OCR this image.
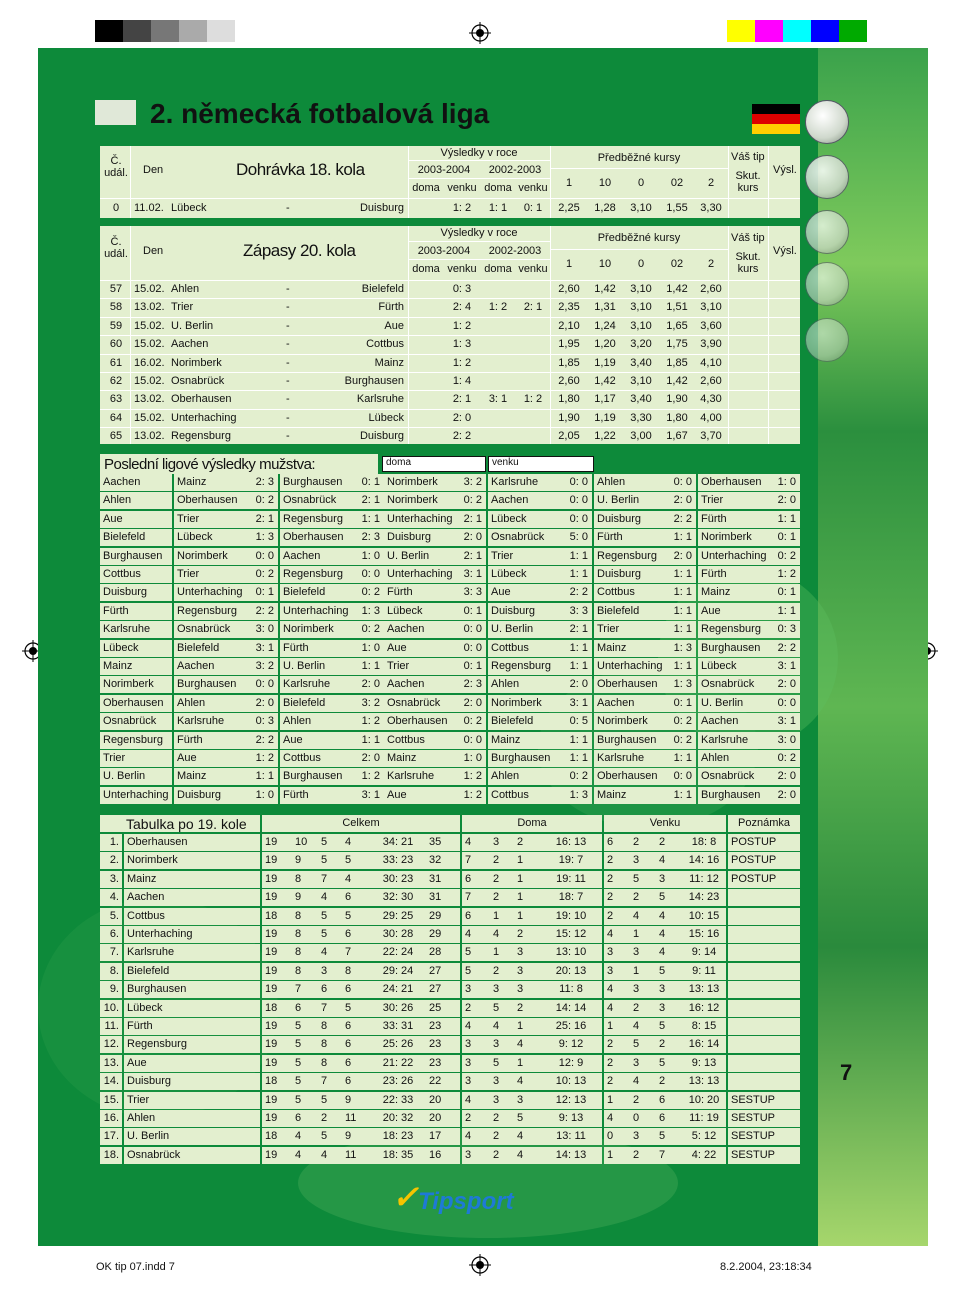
2. německá fotbalová liga
Č.
udál. Den	Dohrávka 18. kola
Výsledky v roce
2003-2004	2002-2003
doma venku doma venku
Předběžné kursy
1	10	0	02	2
Váš tip
Skut.
kurs
Výsl.
0	11.02. Lübeck	-	Duisburg	1: 2	1: 1	0: 1	2,25	1,28	3,10	1,55	3,30
Č.
udál. Den	Zápasy 20. kola
Výsledky v roce
2003-2004	2002-2003
doma venku doma venku
Předběžné kursy
1	10	0	02	2
Váš tip
Skut.
kurs
Výsl.
57	15.02. Ahlen	-	Bielefeld	0: 3	2,60	1,42	3,10	1,42	2,60
58	13.02. Trier	-	Fürth	2: 4	1: 2	2: 1	2,35	1,31	3,10	1,51	3,10
59	15.02. U. Berlin	-	Aue	1: 2	2,10	1,24	3,10	1,65	3,60
60	15.02. Aachen	-	Cottbus	1: 3	1,95	1,20	3,20	1,75	3,90
61	16.02. Norimberk	-	Mainz	1: 2	1,85	1,19	3,40	1,85	4,10
62	15.02. Osnabrück	-	Burghausen	1: 4	2,60	1,42	3,10	1,42	2,60
63	13.02. Oberhausen	-	Karlsruhe	2: 1	3: 1	1: 2	1,80	1,17	3,40	1,90	4,30
64	15.02. Unterhaching	-	Lübeck	2: 0	1,90	1,19	3,30	1,80	4,00
65	13.02. Regensburg	-	Duisburg	2: 2	2,05	1,22	3,00	1,67	3,70
Poslední ligové výsledky mužstva:	doma	venku
Aachen	Mainz	2: 3 Burghausen 0: 1 Norimberk 3: 2 Karlsruhe	0: 0 Ahlen	0: 0 Oberhausen 1: 0
Ahlen	Oberhausen 0: 2 Osnabrück 2: 1 Norimberk 0: 2 Aachen	0: 0 U. Berlin	2: 0 Trier	2: 0
Aue	Trier	2: 1 Regensburg 1: 1 Unterhaching 2: 1 Lübeck	0: 0 Duisburg	2: 2 Fürth	1: 1
Bielefeld	Lübeck	1: 3 Oberhausen 2: 3 Duisburg	2: 0 Osnabrück 5: 0 Fürth	1: 1 Norimberk 0: 1
Burghausen	Norimberk	0: 0 Aachen	1: 0 U. Berlin	2: 1 Trier	1: 1 Regensburg 2: 0 Unterhaching 0: 2
Cottbus	Trier	0: 2 Regensburg 0: 0 Unterhaching 3: 1 Lübeck	1: 1 Duisburg	1: 1 Fürth	1: 2
Duisburg	Unterhaching 0: 1 Bielefeld	0: 2 Fürth	3: 3 Aue	2: 2 Cottbus	1: 1 Mainz	0: 1
Fürth	Regensburg 2: 2 Unterhaching 1: 3 Lübeck	0: 1 Duisburg	3: 3 Bielefeld	1: 1 Aue	1: 1
Karlsruhe	Osnabrück 3: 0 Norimberk	0: 2 Aachen	0: 0 U. Berlin	2: 1 Trier	1: 1 Regensburg 0: 3
Lübeck	Bielefeld	3: 1 Fürth	1: 0 Aue	0: 0 Cottbus	1: 1 Mainz	1: 3 Burghausen 2: 2
Mainz	Aachen	3: 2 U. Berlin	1: 1 Trier	0: 1 Regensburg 1: 1 Unterhaching 1: 1 Lübeck	3: 1
Norimberk	Burghausen 0: 0 Karlsruhe	2: 0 Aachen	2: 3 Ahlen	2: 0 Oberhausen 1: 3 Osnabrück 2: 0
Oberhausen	Ahlen	2: 0 Bielefeld	3: 2 Osnabrück 2: 0 Norimberk	3: 1 Aachen	0: 1 U. Berlin	0: 0
Osnabrück	Karlsruhe	0: 3 Ahlen	1: 2 Oberhausen 0: 2 Bielefeld	0: 5 Norimberk 0: 2 Aachen	3: 1
Regensburg	Fürth	2: 2 Aue	1: 1 Cottbus	0: 0 Mainz	1: 1 Burghausen 0: 2 Karlsruhe	3: 0
Trier	Aue	1: 2 Cottbus	2: 0 Mainz	1: 0 Burghausen 1: 1 Karlsruhe	1: 1 Ahlen	0: 2
U. Berlin	Mainz	1: 1 Burghausen 1: 2 Karlsruhe	1: 2 Ahlen	0: 2 Oberhausen 0: 0 Osnabrück 2: 0
Unterhaching Duisburg	1: 0 Fürth	3: 1 Aue	1: 2 Cottbus	1: 3 Mainz	1: 1 Burghausen 2: 0
Tabulka po 19. kole	Celkem	Doma	Venku	Poznámka
1. Oberhausen	19	10	5	4	34: 21	35	4	3	2	16: 13	6	2	2	18: 8	POSTUP
2. Norimberk	19	9	5	5	33: 23	32	7	2	1	19: 7	2	3	4	14: 16	POSTUP
3. Mainz	19	8	7	4	30: 23	31	6	2	1	19: 11	2	5	3	11: 12	POSTUP
4. Aachen	19	9	4	6	32: 30	31	7	2	1	18: 7	2	2	5	14: 23
5. Cottbus	18	8	5	5	29: 25	29	6	1	1	19: 10	2	4	4	10: 15
6. Unterhaching	19	8	5	6	30: 28	29	4	4	2	15: 12	4	1	4	15: 16
7. Karlsruhe	19	8	4	7	22: 24	28	5	1	3	13: 10	3	3	4	9: 14
8. Bielefeld	19	8	3	8	29: 24	27	5	2	3	20: 13	3	1	5	9: 11
9. Burghausen	19	7	6	6	24: 21	27	3	3	3	11: 8	4	3	3	13: 13
10. Lübeck	18	6	7	5	30: 26	25	2	5	2	14: 14	4	2	3	16: 12
11. Fürth	19	5	8	6	33: 31	23	4	4	1	25: 16	1	4	5	8: 15
12. Regensburg	19	5	8	6	25: 26	23	3	3	4	9: 12	2	5	2	16: 14
13. Aue	19	5	8	6	21: 22	23	3	5	1	12: 9	2	3	5	9: 13
14. Duisburg	18	5	7	6	23: 26	22	3	3	4	10: 13	2	4	2	13: 13
15. Trier	19	5	5	9	22: 33	20	4	3	3	12: 13	1	2	6	10: 20	SESTUP
16. Ahlen	19	6	2	11	20: 32	20	2	2	5	9: 13	4	0	6	11: 19	SESTUP
17. U. Berlin	18	4	5	9	18: 23	17	4	2	4	13: 11	0	3	5	5: 12	SESTUP
18. Osnabrück	19	4	4	11	18: 35	16	3	2	4	14: 13	1	2	7	4: 22	SESTUP
✓ Tipsport
7
OK tip 07.indd 7	8.2.2004, 23:18:34
